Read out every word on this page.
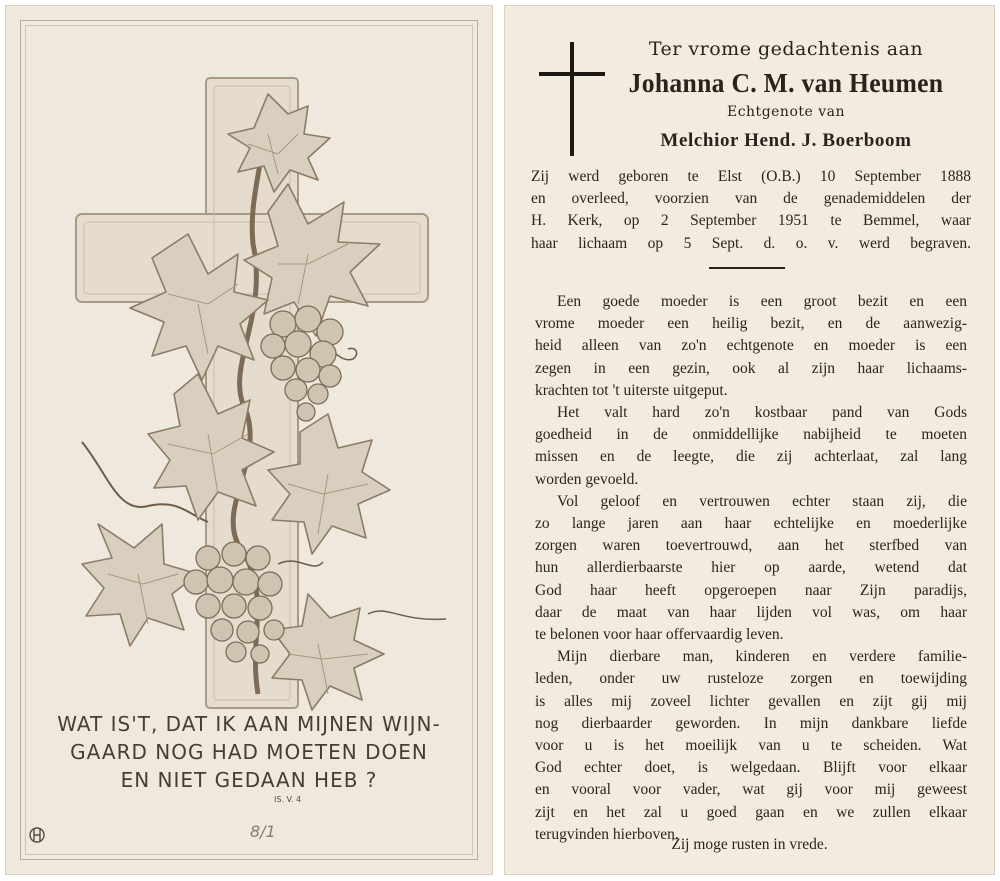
WAT IS'T, DAT IK AAN MIJNEN WIJN-
GAARD NOG HAD MOETEN DOEN
EN NIET GEDAAN HEB ?
IS. V. 4
8/1
Ter vrome gedachtenis aan
Johanna C. M. van Heumen
Echtgenote van
Melchior Hend. J. Boerboom

Zij werd geboren te Elst (O.B.) 10 September 1888
en overleed, voorzien van de genademiddelen der
H. Kerk, op 2 September 1951 te Bemmel, waar
haar lichaam op 5 Sept. d. o. v. werd begraven.

Een goede moeder is een groot bezit en een
vrome moeder een heilig bezit, en de aanwezig-
heid alleen van zo'n echtgenote en moeder is een
zegen in een gezin, ook al zijn haar lichaams-
krachten tot 't uiterste uitgeput.
Het valt hard zo'n kostbaar pand van Gods
goedheid in de onmiddellijke nabijheid te moeten
missen en de leegte, die zij achterlaat, zal lang
worden gevoeld.
Vol geloof en vertrouwen echter staan zij, die
zo lange jaren aan haar echtelijke en moederlijke
zorgen waren toevertrouwd, aan het sterfbed van
hun allerdierbaarste hier op aarde, wetend dat
God haar heeft opgeroepen naar Zijn paradijs,
daar de maat van haar lijden vol was, om haar
te belonen voor haar offervaardig leven.
Mijn dierbare man, kinderen en verdere familie-
leden, onder uw rusteloze zorgen en toewijding
is alles mij zoveel lichter gevallen en zijt gij mij
nog dierbaarder geworden. In mijn dankbare liefde
voor u is het moeilijk van u te scheiden. Wat
God echter doet, is welgedaan. Blijft voor elkaar
en vooral voor vader, wat gij voor mij geweest
zijt en het zal u goed gaan en we zullen elkaar
terugvinden hierboven.
Zij moge rusten in vrede.
